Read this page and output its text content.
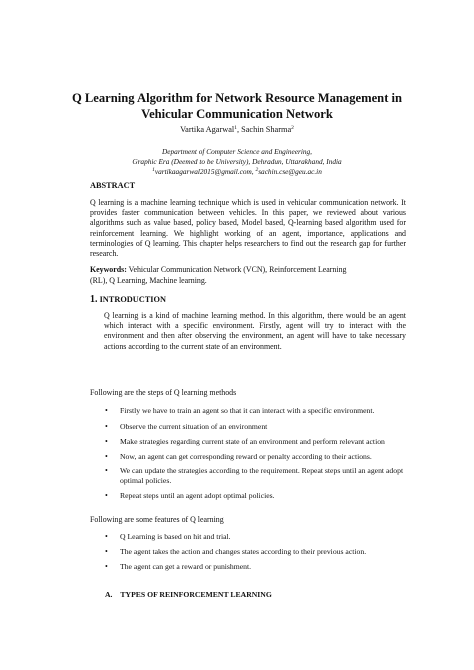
Q Learning Algorithm for Network Resource Management in
Vehicular Communication Network
Vartika Agarwal$^1$, Sachin Sharma$^2$
Department of Computer Science and Engineering,
Graphic Era (Deemed to be University), Dehradun, Uttarakhand, India
$^1$vartikaagarwal2015@gmail.com, $^2$sachin.cse@geu.ac.in
ABSTRACT
Q learning is a machine learning technique which is used in vehicular communication network. It
provides faster communication between vehicles. In this paper, we reviewed about various
algorithms such as value based, policy based, Model based, Q-learning based algorithm used for
reinforcement learning. We highlight working of an agent, importance, applications and
terminologies of Q learning. This chapter helps researchers to find out the research gap for further
research.
Keywords: Vehicular Communication Network (VCN), Reinforcement Learning
(RL), Q Learning, Machine learning.
1. INTRODUCTION
Q learning is a kind of machine learning method. In this algorithm, there would be an agent
which interact with a specific environment. Firstly, agent will try to interact with the
environment and then after observing the environment, an agent will have to take necessary
actions according to the current state of an environment.
Following are the steps of Q learning methods
• Firstly we have to train an agent so that it can interact with a specific environment.
• Observe the current situation of an environment
• Make strategies regarding current state of an environment and perform relevant action
• Now, an agent can get corresponding reward or penalty according to their actions.
• We can update the strategies according to the requirement. Repeat steps until an agent adopt
optimal policies.
• Repeat steps until an agent adopt optimal policies.
Following are some features of Q learning
• Q Learning is based on hit and trial.
• The agent takes the action and changes states according to their previous action.
• The agent can get a reward or punishment.
A. TYPES OF REINFORCEMENT LEARNING
